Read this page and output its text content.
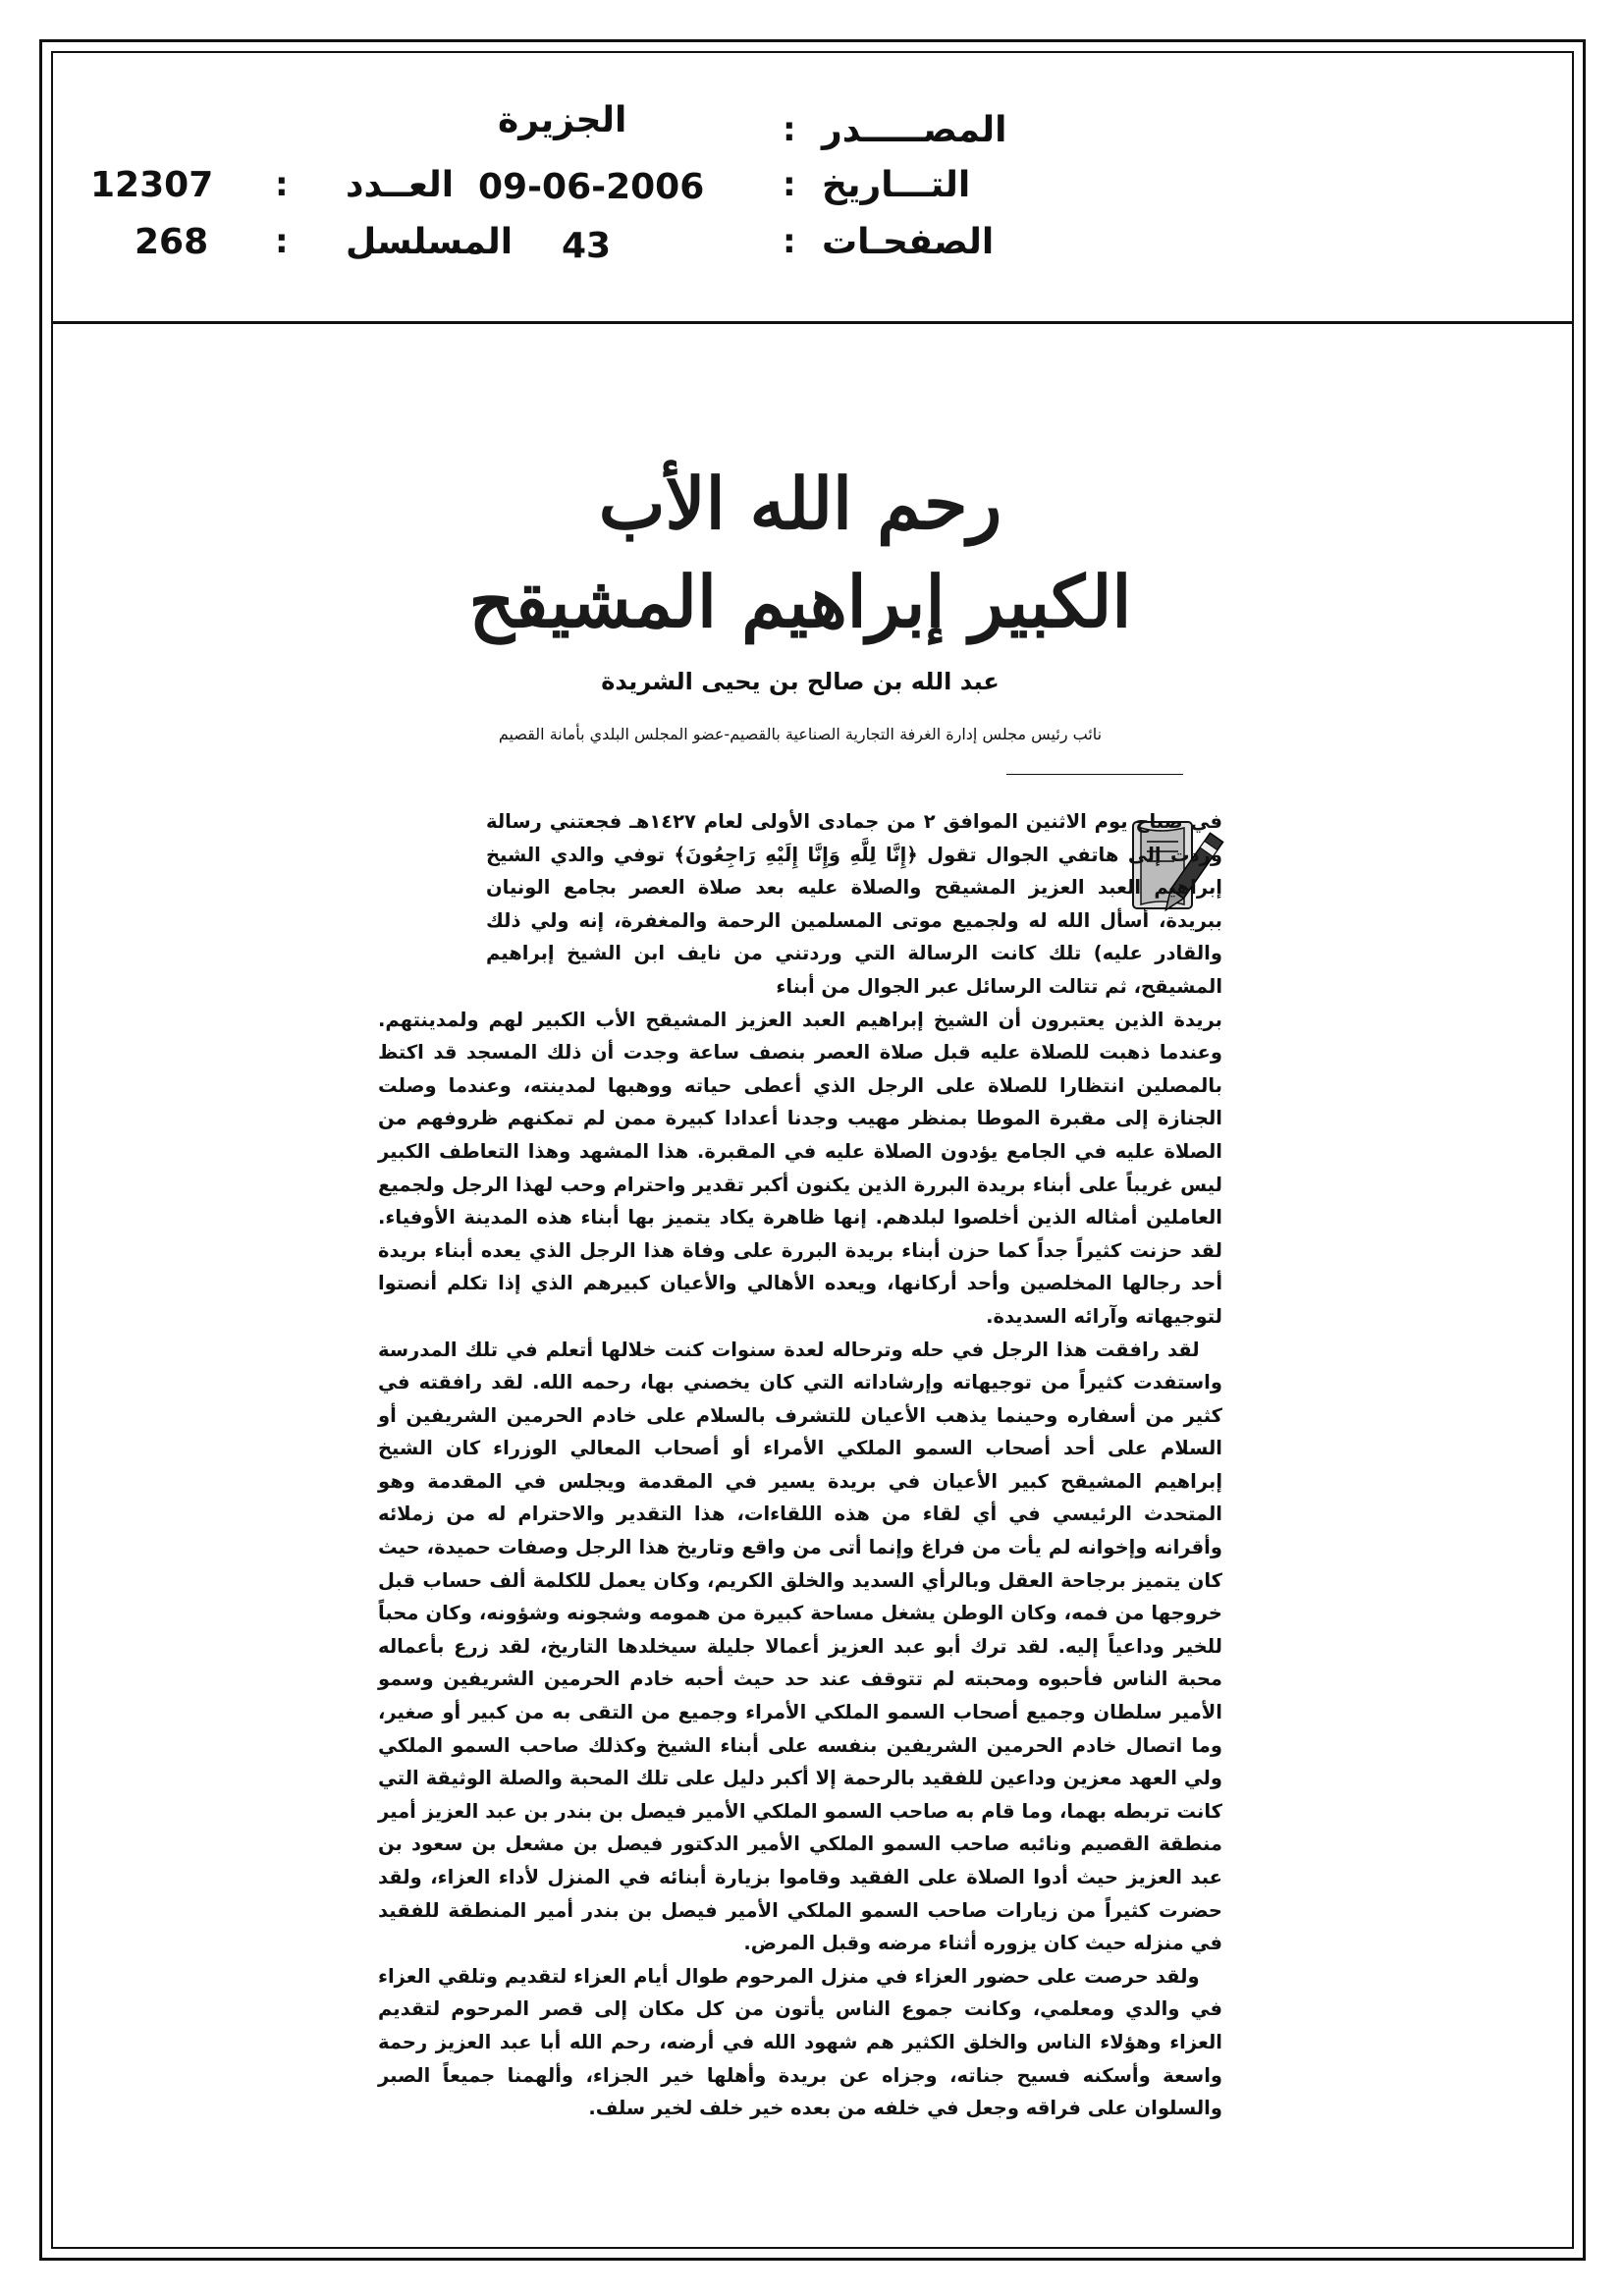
المصـــــدر
:
الجزيرة
التـــاريخ
:
09-06-2006
العــدد
:
12307
الصفحـات
:
43
المسلسل
:
268
رحم الله الأب
الكبير إبراهيم المشيقح
عبد الله بن صالح بن يحيى الشريدة
نائب رئيس مجلس إدارة الغرفة التجارية الصناعية بالقصيم-عضو المجلس البلدي بأمانة القصيم

في صباح يوم الاثنين الموافق ٢ من جمادى الأولى لعام ١٤٢٧هـ فجعتني رسالة وردت إلى هاتفي الجوال تقول ﴿إِنَّا لِلَّهِ وَإِنَّا إِلَيْهِ رَاجِعُونَ﴾ توفي والدي الشيخ إبراهيم العبد العزيز المشيقح والصلاة عليه بعد صلاة العصر بجامع الونيان ببريدة، أسأل الله له ولجميع موتى المسلمين الرحمة والمغفرة، إنه ولي ذلك والقادر عليه) تلك كانت الرسالة التي وردتني من نايف ابن الشيخ إبراهيم المشيقح، ثم تتالت الرسائل عبر الجوال من أبناء

بريدة الذين يعتبرون أن الشيخ إبراهيم العبد العزيز المشيقح الأب الكبير لهم ولمدينتهم. وعندما ذهبت للصلاة عليه قبل صلاة العصر بنصف ساعة وجدت أن ذلك المسجد قد اكتظ بالمصلين انتظارا للصلاة على الرجل الذي أعطى حياته ووهبها لمدينته، وعندما وصلت الجنازة إلى مقبرة الموطا بمنظر مهيب وجدنا أعدادا كبيرة ممن لم تمكنهم ظروفهم من الصلاة عليه في الجامع يؤدون الصلاة عليه في المقبرة. هذا المشهد وهذا التعاطف الكبير ليس غريباً على أبناء بريدة البررة الذين يكنون أكبر تقدير واحترام وحب لهذا الرجل ولجميع العاملين أمثاله الذين أخلصوا لبلدهم. إنها ظاهرة يكاد يتميز بها أبناء هذه المدينة الأوفياء. لقد حزنت كثيراً جداً كما حزن أبناء بريدة البررة على وفاة هذا الرجل الذي يعده أبناء بريدة أحد رجالها المخلصين وأحد أركانها، ويعده الأهالي والأعيان كبيرهم الذي إذا تكلم أنصتوا لتوجيهاته وآرائه السديدة.

لقد رافقت هذا الرجل في حله وترحاله لعدة سنوات كنت خلالها أتعلم في تلك المدرسة واستفدت كثيراً من توجيهاته وإرشاداته التي كان يخصني بها، رحمه الله. لقد رافقته في كثير من أسفاره وحينما يذهب الأعيان للتشرف بالسلام على خادم الحرمين الشريفين أو السلام على أحد أصحاب السمو الملكي الأمراء أو أصحاب المعالي الوزراء كان الشيخ إبراهيم المشيقح كبير الأعيان في بريدة يسير في المقدمة ويجلس في المقدمة وهو المتحدث الرئيسي في أي لقاء من هذه اللقاءات، هذا التقدير والاحترام له من زملائه وأقرانه وإخوانه لم يأت من فراغ وإنما أتى من واقع وتاريخ هذا الرجل وصفات حميدة، حيث كان يتميز برجاحة العقل وبالرأي السديد والخلق الكريم، وكان يعمل للكلمة ألف حساب قبل خروجها من فمه، وكان الوطن يشغل مساحة كبيرة من همومه وشجونه وشؤونه، وكان محباً للخير وداعياً إليه. لقد ترك أبو عبد العزيز أعمالا جليلة سيخلدها التاريخ، لقد زرع بأعماله محبة الناس فأحبوه ومحبته لم تتوقف عند حد حيث أحبه خادم الحرمين الشريفين وسمو الأمير سلطان وجميع أصحاب السمو الملكي الأمراء وجميع من التقى به من كبير أو صغير، وما اتصال خادم الحرمين الشريفين بنفسه على أبناء الشيخ وكذلك صاحب السمو الملكي ولي العهد معزين وداعين للفقيد بالرحمة إلا أكبر دليل على تلك المحبة والصلة الوثيقة التي كانت تربطه بهما، وما قام به صاحب السمو الملكي الأمير فيصل بن بندر بن عبد العزيز أمير منطقة القصيم ونائبه صاحب السمو الملكي الأمير الدكتور فيصل بن مشعل بن سعود بن عبد العزيز حيث أدوا الصلاة على الفقيد وقاموا بزيارة أبنائه في المنزل لأداء العزاء، ولقد حضرت كثيراً من زيارات صاحب السمو الملكي الأمير فيصل بن بندر أمير المنطقة للفقيد في منزله حيث كان يزوره أثناء مرضه وقبل المرض.

ولقد حرصت على حضور العزاء في منزل المرحوم طوال أيام العزاء لتقديم وتلقي العزاء في والدي ومعلمي، وكانت جموع الناس يأتون من كل مكان إلى قصر المرحوم لتقديم العزاء وهؤلاء الناس والخلق الكثير هم شهود الله في أرضه، رحم الله أبا عبد العزيز رحمة واسعة وأسكنه فسيح جناته، وجزاه عن بريدة وأهلها خير الجزاء، وألهمنا جميعاً الصبر والسلوان على فراقه وجعل في خلفه من بعده خير خلف لخير سلف.
